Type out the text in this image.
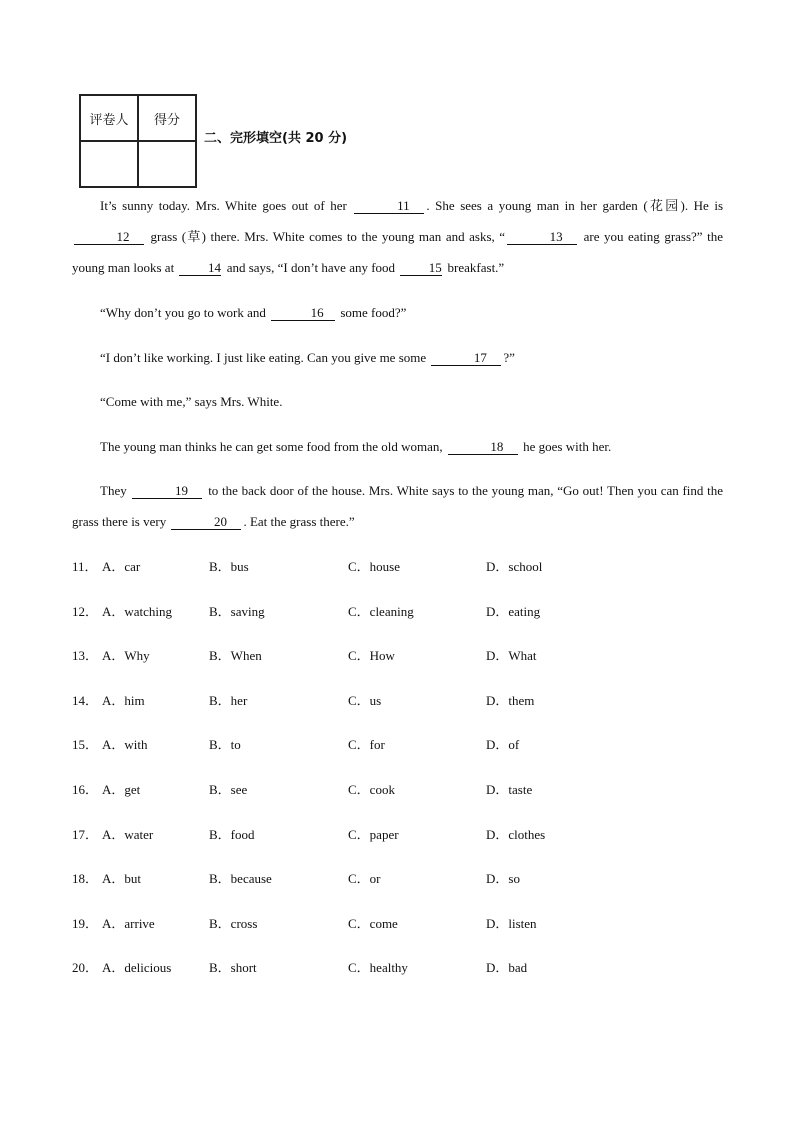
评卷人	得分

二、完形填空(共 20 分)
It’s sunny today. Mrs. White goes out of her	11 . She sees a young man in her garden (花园). He is 12 grass (草) there. Mrs. White comes to the young man and asks, “	13 are you eating grass?” the young man looks at	14 and says, “I don’t have any food	15 breakfast.”
“Why don’t you go to work and	16 some food?”
“I don’t like working. I just like eating. Can you give me some	17 ?”
“Come with me,” says Mrs. White.
The young man thinks he can get some food from the old woman,	18 he goes with her.
They	19 to the back door of the house. Mrs. White says to the young man, “Go out! Then you can find the grass there is very	20 . Eat the grass there.”
11． A．car	B．bus	C．house	D．school
12． A．watching	B．saving	C．cleaning	D．eating
13． A．Why	B．When	C．How	D．What
14． A．him	B．her	C．us	D．them
15． A．with	B．to	C．for	D．of
16． A．get	B．see	C．cook	D．taste
17． A．water	B．food	C．paper	D．clothes
18． A．but	B．because	C．or	D．so
19． A．arrive	B．cross	C．come	D．listen
20． A．delicious	B．short	C．healthy	D．bad
